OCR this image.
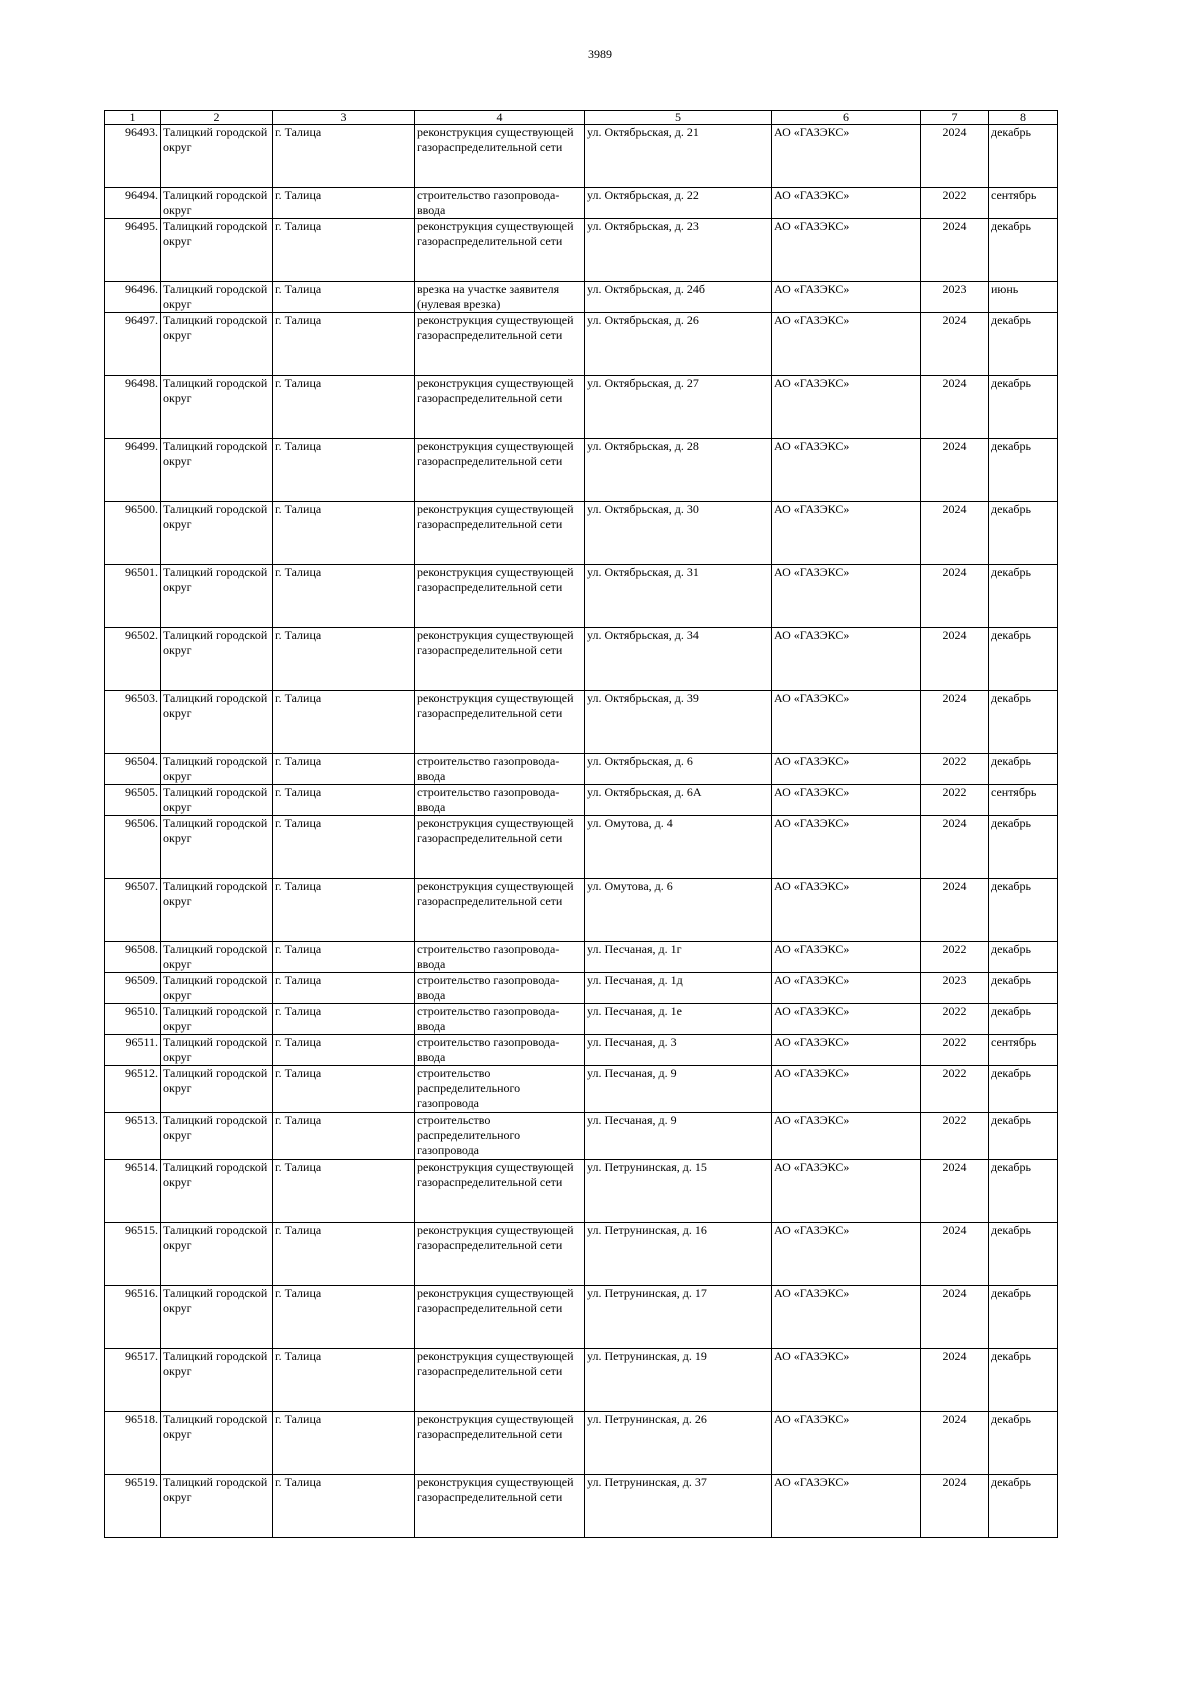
3989
1	2	3	4	5	6	7	8
96493.	Талицкий городской округ	г. Талица	реконструкция существующей газораспределительной сети	ул. Октябрьская, д. 21	АО «ГАЗЭКС»	2024	декабрь
96494.	Талицкий городской округ	г. Талица	строительство газопровода-ввода	ул. Октябрьская, д. 22	АО «ГАЗЭКС»	2022	сентябрь
96495.	Талицкий городской округ	г. Талица	реконструкция существующей газораспределительной сети	ул. Октябрьская, д. 23	АО «ГАЗЭКС»	2024	декабрь
96496.	Талицкий городской округ	г. Талица	врезка на участке заявителя (нулевая врезка)	ул. Октябрьская, д. 24б	АО «ГАЗЭКС»	2023	июнь
96497.	Талицкий городской округ	г. Талица	реконструкция существующей газораспределительной сети	ул. Октябрьская, д. 26	АО «ГАЗЭКС»	2024	декабрь
96498.	Талицкий городской округ	г. Талица	реконструкция существующей газораспределительной сети	ул. Октябрьская, д. 27	АО «ГАЗЭКС»	2024	декабрь
96499.	Талицкий городской округ	г. Талица	реконструкция существующей газораспределительной сети	ул. Октябрьская, д. 28	АО «ГАЗЭКС»	2024	декабрь
96500.	Талицкий городской округ	г. Талица	реконструкция существующей газораспределительной сети	ул. Октябрьская, д. 30	АО «ГАЗЭКС»	2024	декабрь
96501.	Талицкий городской округ	г. Талица	реконструкция существующей газораспределительной сети	ул. Октябрьская, д. 31	АО «ГАЗЭКС»	2024	декабрь
96502.	Талицкий городской округ	г. Талица	реконструкция существующей газораспределительной сети	ул. Октябрьская, д. 34	АО «ГАЗЭКС»	2024	декабрь
96503.	Талицкий городской округ	г. Талица	реконструкция существующей газораспределительной сети	ул. Октябрьская, д. 39	АО «ГАЗЭКС»	2024	декабрь
96504.	Талицкий городской округ	г. Талица	строительство газопровода-ввода	ул. Октябрьская, д. 6	АО «ГАЗЭКС»	2022	декабрь
96505.	Талицкий городской округ	г. Талица	строительство газопровода-ввода	ул. Октябрьская, д. 6А	АО «ГАЗЭКС»	2022	сентябрь
96506.	Талицкий городской округ	г. Талица	реконструкция существующей газораспределительной сети	ул. Омутова, д. 4	АО «ГАЗЭКС»	2024	декабрь
96507.	Талицкий городской округ	г. Талица	реконструкция существующей газораспределительной сети	ул. Омутова, д. 6	АО «ГАЗЭКС»	2024	декабрь
96508.	Талицкий городской округ	г. Талица	строительство газопровода-ввода	ул. Песчаная, д. 1г	АО «ГАЗЭКС»	2022	декабрь
96509.	Талицкий городской округ	г. Талица	строительство газопровода-ввода	ул. Песчаная, д. 1д	АО «ГАЗЭКС»	2023	декабрь
96510.	Талицкий городской округ	г. Талица	строительство газопровода-ввода	ул. Песчаная, д. 1е	АО «ГАЗЭКС»	2022	декабрь
96511.	Талицкий городской округ	г. Талица	строительство газопровода-ввода	ул. Песчаная, д. 3	АО «ГАЗЭКС»	2022	сентябрь
96512.	Талицкий городской округ	г. Талица	строительство распределительного газопровода	ул. Песчаная, д. 9	АО «ГАЗЭКС»	2022	декабрь
96513.	Талицкий городской округ	г. Талица	строительство распределительного газопровода	ул. Песчаная, д. 9	АО «ГАЗЭКС»	2022	декабрь
96514.	Талицкий городской округ	г. Талица	реконструкция существующей газораспределительной сети	ул. Петрунинская, д. 15	АО «ГАЗЭКС»	2024	декабрь
96515.	Талицкий городской округ	г. Талица	реконструкция существующей газораспределительной сети	ул. Петрунинская, д. 16	АО «ГАЗЭКС»	2024	декабрь
96516.	Талицкий городской округ	г. Талица	реконструкция существующей газораспределительной сети	ул. Петрунинская, д. 17	АО «ГАЗЭКС»	2024	декабрь
96517.	Талицкий городской округ	г. Талица	реконструкция существующей газораспределительной сети	ул. Петрунинская, д. 19	АО «ГАЗЭКС»	2024	декабрь
96518.	Талицкий городской округ	г. Талица	реконструкция существующей газораспределительной сети	ул. Петрунинская, д. 26	АО «ГАЗЭКС»	2024	декабрь
96519.	Талицкий городской округ	г. Талица	реконструкция существующей газораспределительной сети	ул. Петрунинская, д. 37	АО «ГАЗЭКС»	2024	декабрь
